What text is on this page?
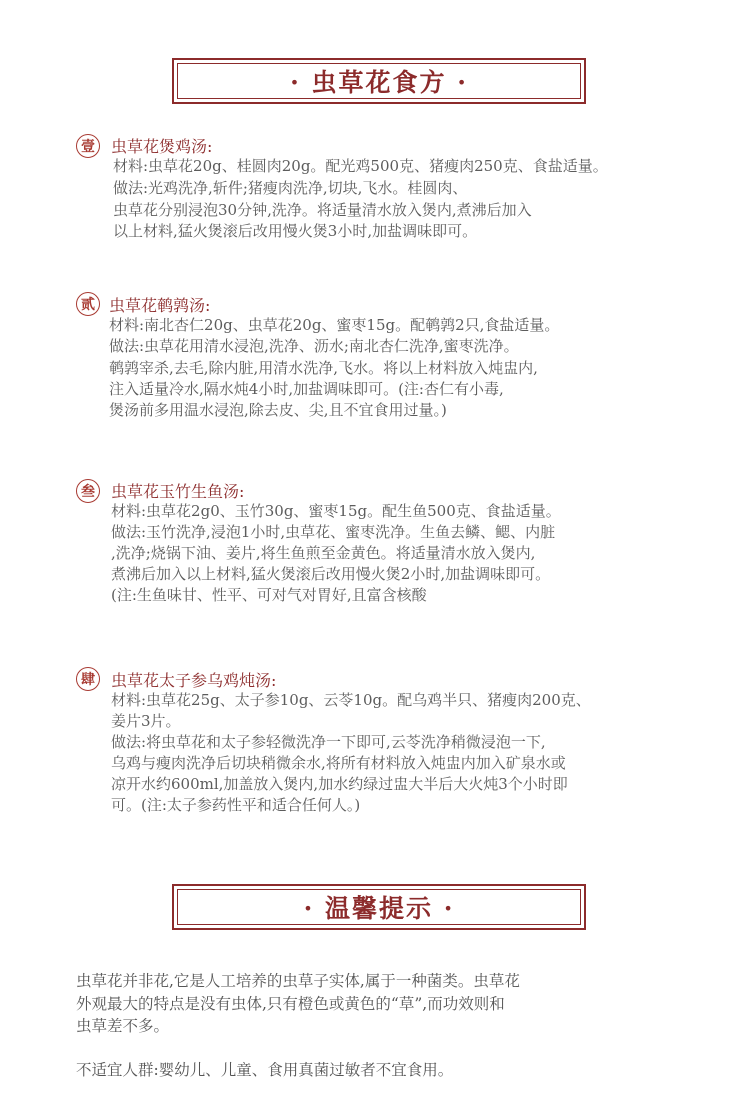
· 虫草花食方 ·
壹	虫草花煲鸡汤:
材料:虫草花20g、桂圆肉20g。配光鸡500克、猪瘦肉250克、食盐适量。
做法:光鸡洗净,斩件;猪瘦肉洗净,切块,飞水。桂圆肉、
虫草花分别浸泡30分钟,洗净。将适量清水放入煲内,煮沸后加入
以上材料,猛火煲滚后改用慢火煲3小时,加盐调味即可。
贰 虫草花鹌鹑汤:
材料:南北杏仁20g、虫草花20g、蜜枣15g。配鹌鹑2只,食盐适量。
做法:虫草花用清水浸泡,洗净、沥水;南北杏仁洗净,蜜枣洗净。
鹌鹑宰杀,去毛,除内脏,用清水洗净,飞水。将以上材料放入炖盅内,
注入适量冷水,隔水炖4小时,加盐调味即可。(注:杏仁有小毒,
煲汤前多用温水浸泡,除去皮、尖,且不宜食用过量。)
叁	虫草花玉竹生鱼汤:
材料:虫草花2g0、玉竹30g、蜜枣15g。配生鱼500克、食盐适量。
做法:玉竹洗净,浸泡1小时,虫草花、蜜枣洗净。生鱼去鳞、鳃、内脏
,洗净;烧锅下油、姜片,将生鱼煎至金黄色。将适量清水放入煲内,
煮沸后加入以上材料,猛火煲滚后改用慢火煲2小时,加盐调味即可。
(注:生鱼味甘、性平、可对气对胃好,且富含核酸
肆	虫草花太子参乌鸡炖汤:
材料:虫草花25g、太子参10g、云苓10g。配乌鸡半只、猪瘦肉200克、
姜片3片。
做法:将虫草花和太子参轻微洗净一下即可,云苓洗净稍微浸泡一下,
乌鸡与瘦肉洗净后切块稍微余水,将所有材料放入炖盅内加入矿泉水或
凉开水约600ml,加盖放入煲内,加水约绿过盅大半后大火炖3个小时即
可。(注:太子参药性平和适合任何人。)
· 温馨提示 ·
虫草花并非花,它是人工培养的虫草子实体,属于一种菌类。虫草花
外观最大的特点是没有虫体,只有橙色或黄色的“草”,而功效则和
虫草差不多。
不适宜人群:婴幼儿、儿童、食用真菌过敏者不宜食用。
